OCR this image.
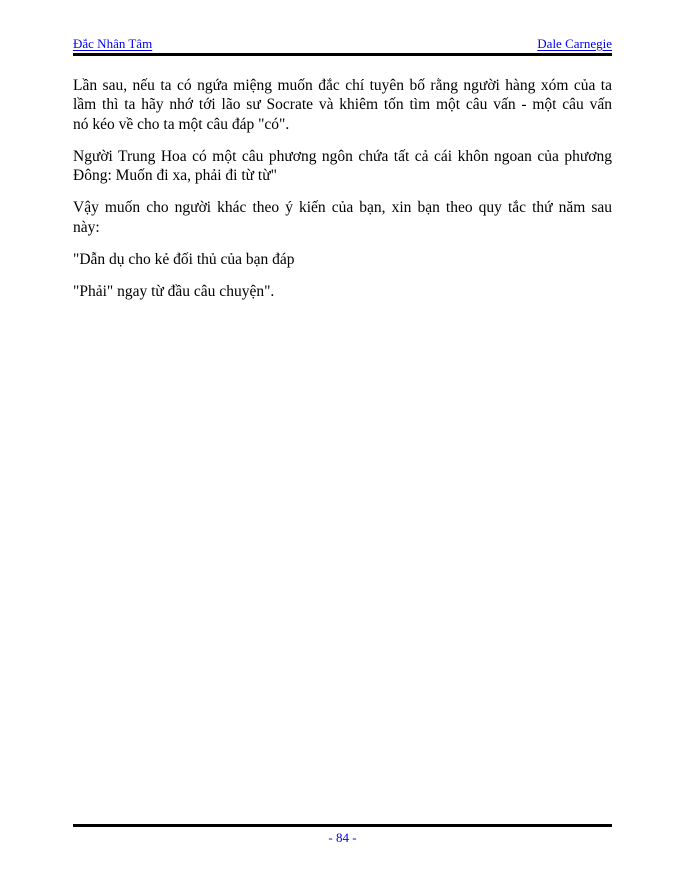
Đắc Nhân Tâm	Dale Carnegie
Lần sau, nếu ta có ngứa miệng muốn đắc chí tuyên bố rằng người hàng xóm của ta
lầm thì ta hãy nhớ tới lão sư Socrate và khiêm tốn tìm một câu vấn - một câu vấn
nó kéo về cho ta một câu đáp "có".
Người Trung Hoa có một câu phương ngôn chứa tất cả cái khôn ngoan của phương
Đông: Muốn đi xa, phải đi từ từ"
Vậy muốn cho người khác theo ý kiến của bạn, xin bạn theo quy tắc thứ năm sau
này:
"Dẫn dụ cho kẻ đối thủ của bạn đáp
"Phải" ngay từ đầu câu chuyện".
- 84 -
